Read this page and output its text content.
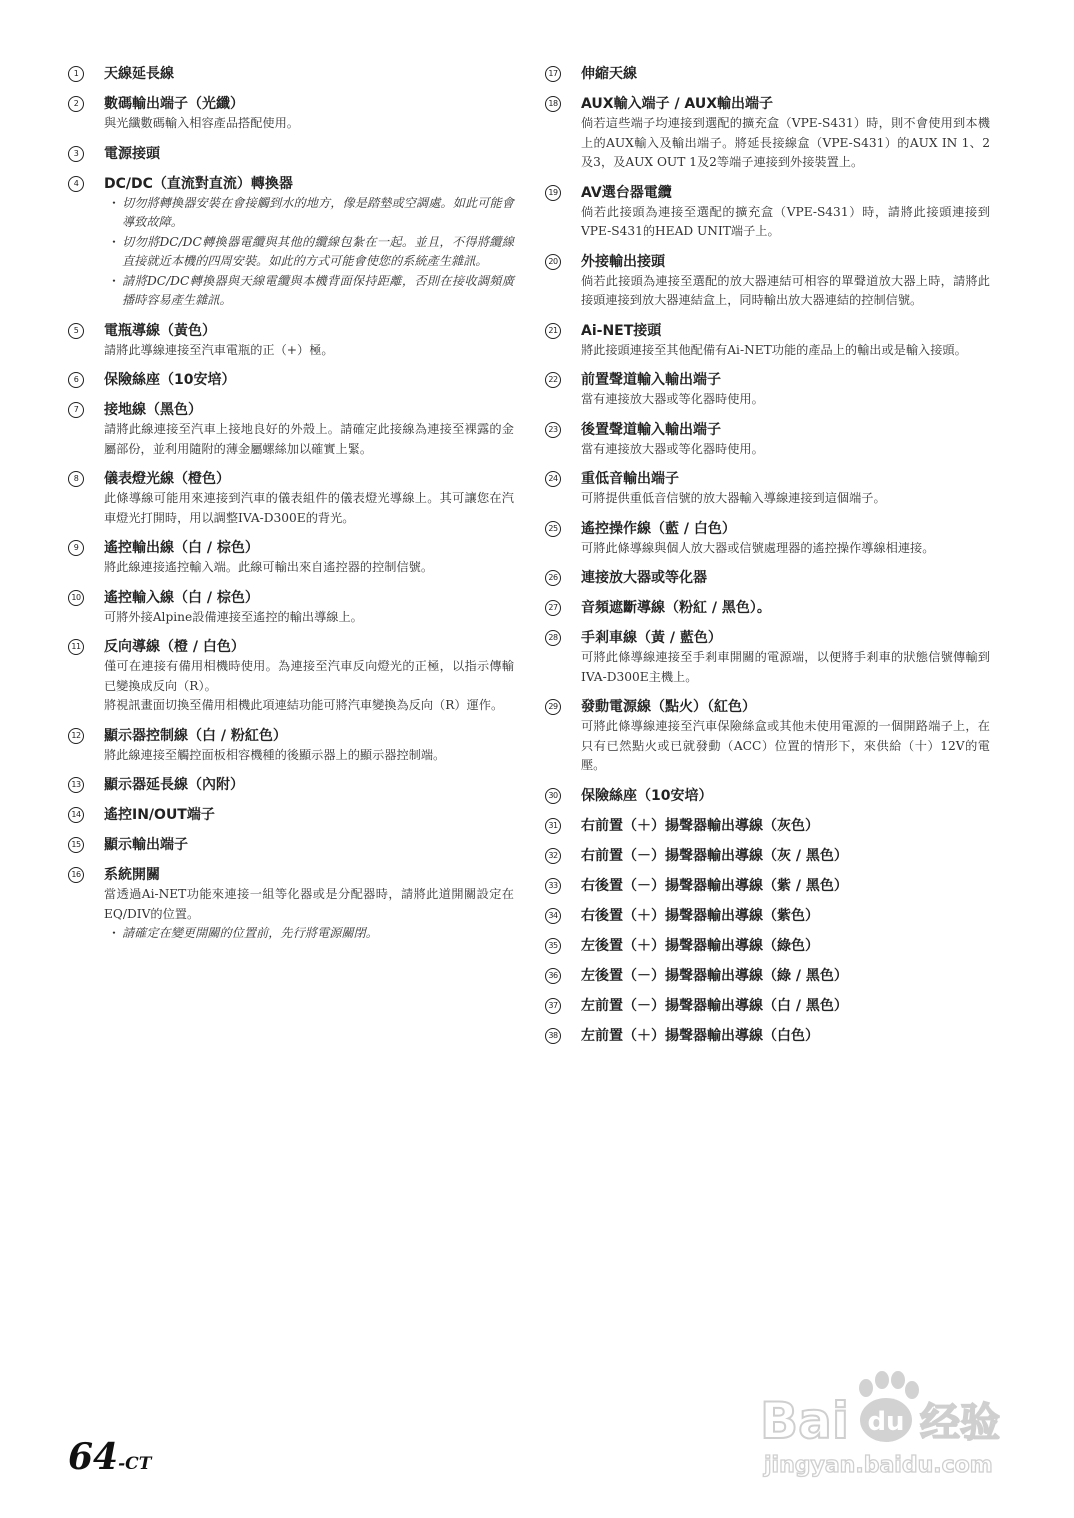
1	天線延長線
2	數碼輸出端子（光纖）
與光纖數碼輸入相容產品搭配使用。
3	電源接頭
4	DC/DC（直流對直流）轉換器
・ 切勿將轉換器安裝在會接觸到水的地方，像是踏墊或空調處。如此可能會導致故障。
・ 切勿將DC/DC轉換器電纜與其他的纜線包紮在一起。並且，不得將纜線直接就近本機的四周安裝。如此的方式可能會使您的系統產生雜訊。
・ 請將DC/DC轉換器與天線電纜與本機背面保持距離，否則在接收調頻廣播時容易產生雜訊。
5	電瓶導線（黃色）
請將此導線連接至汽車電瓶的正（+）極。
6	保險絲座（10安培）
7	接地線（黑色）
請將此線連接至汽車上接地良好的外殼上。請確定此接線為連接至裸露的金屬部份，並利用隨附的薄金屬螺絲加以確實上緊。
8	儀表燈光線（橙色）
此條導線可能用來連接到汽車的儀表組件的儀表燈光導線上。其可讓您在汽車燈光打開時，用以調整IVA-D300E的背光。
9	遙控輸出線（白 / 棕色）
將此線連接遙控輸入端。此線可輸出來自遙控器的控制信號。
10 遙控輸入線（白 / 棕色）
可將外接Alpine設備連接至遙控的輸出導線上。
11 反向導線（橙 / 白色）
僅可在連接有備用相機時使用。為連接至汽車反向燈光的正極，以指示傳輸已變換成反向（R）。
將視訊畫面切換至備用相機此項連結功能可將汽車變換為反向（R）運作。
12 顯示器控制線（白 / 粉紅色）
將此線連接至觸控面板相容機種的後顯示器上的顯示器控制端。
13 顯示器延長線（內附）
14 遙控IN/OUT端子
15 顯示輸出端子
16 系統開關
當透過Ai-NET功能來連接一組等化器或是分配器時，請將此道開關設定在EQ/DIV的位置。
・ 請確定在變更開關的位置前，先行將電源關閉。
17 伸縮天線
18 AUX輸入端子 / AUX輸出端子
倘若這些端子均連接到選配的擴充盒（VPE-S431）時，則不會使用到本機上的AUX輸入及輸出端子。將延長接線盒（VPE-S431）的AUX IN 1、2及3，及AUX OUT 1及2等端子連接到外接裝置上。
19 AV選台器電纜
倘若此接頭為連接至選配的擴充盒（VPE-S431）時，請將此接頭連接到VPE-S431的HEAD UNIT端子上。
20 外接輸出接頭
倘若此接頭為連接至選配的放大器連結可相容的單聲道放大器上時，請將此接頭連接到放大器連結盒上，同時輸出放大器連結的控制信號。
21 Ai-NET接頭
將此接頭連接至其他配備有Ai-NET功能的產品上的輸出或是輸入接頭。
22 前置聲道輸入輸出端子
當有連接放大器或等化器時使用。
23 後置聲道輸入輸出端子
當有連接放大器或等化器時使用。
24 重低音輸出端子
可將提供重低音信號的放大器輸入導線連接到這個端子。
25 遙控操作線（藍 / 白色）
可將此條導線與個人放大器或信號處理器的遙控操作導線相連接。
26 連接放大器或等化器
27 音頻遮斷導線（粉紅 / 黑色）。
28 手剎車線（黃 / 藍色）
可將此條導線連接至手剎車開關的電源端，以便將手剎車的狀態信號傳輸到IVA-D300E主機上。
29 發動電源線（點火）（紅色）
可將此條導線連接至汽車保險絲盒或其他未使用電源的一個開路端子上，在只有已然點火或已就發動（ACC）位置的情形下，來供給（十）12V的電壓。
30 保險絲座（10安培）
31 右前置（＋）揚聲器輸出導線（灰色）
32 右前置（－）揚聲器輸出導線（灰 / 黑色）
33 右後置（－）揚聲器輸出導線（紫 / 黑色）
34 右後置（＋）揚聲器輸出導線（紫色）
35 左後置（＋）揚聲器輸出導線（綠色）
36 左後置（－）揚聲器輸出導線（綠 / 黑色）
37 左前置（－）揚聲器輸出導線（白 / 黑色）
38 左前置（＋）揚聲器輸出導線（白色）
64-CT
Bai du 经验
jingyan.baidu.com
